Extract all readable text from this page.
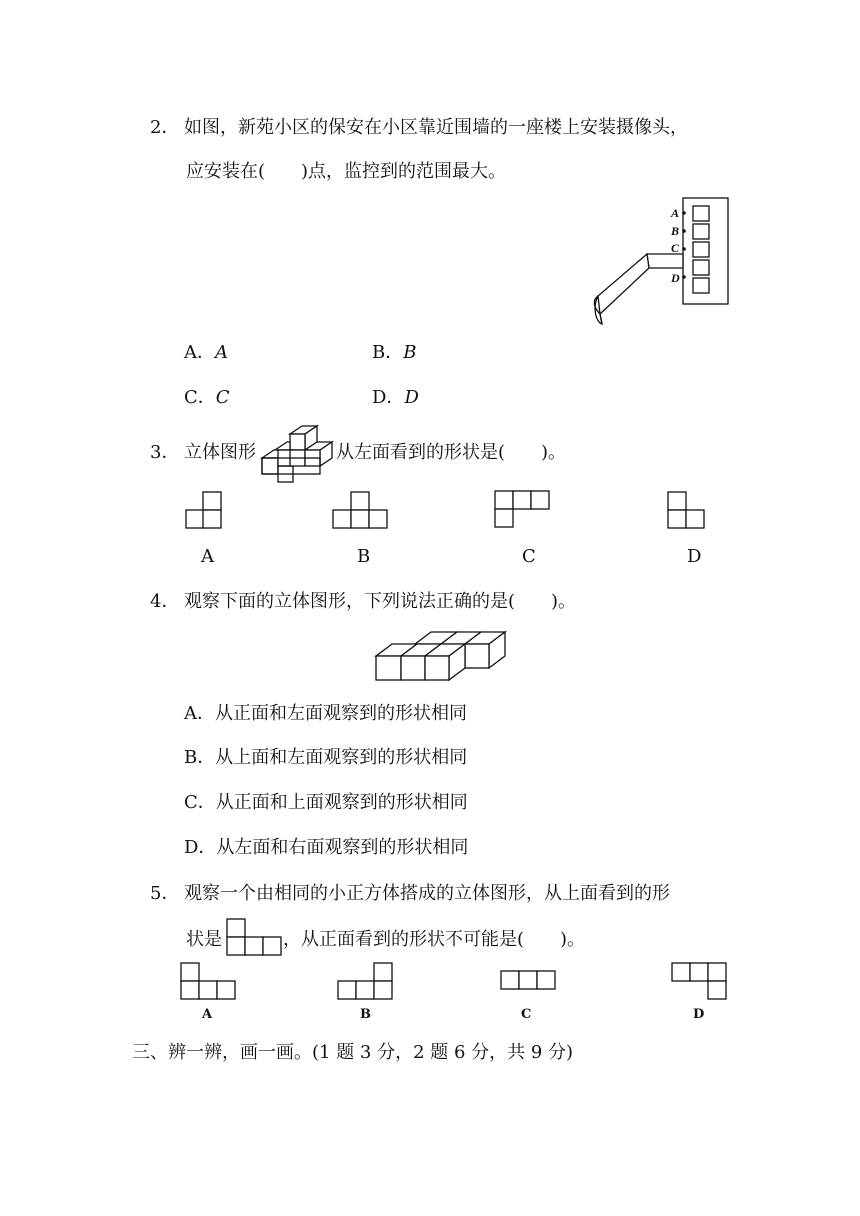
2． 如图，新苑小区的保安在小区靠近围墙的一座楼上安装摄像头，
应安装在(　　)点，监控到的范围最大。
A
B
C
D
A．A	B．B
C．C	D．D
3． 立体图形	从左面看到的形状是(　　)。
A	B	C	D
4． 观察下面的立体图形，下列说法正确的是(　　)。
A．从正面和左面观察到的形状相同
B．从上面和左面观察到的形状相同
C．从正面和上面观察到的形状相同
D．从左面和右面观察到的形状相同
5． 观察一个由相同的小正方体搭成的立体图形，从上面看到的形
状是	，从正面看到的形状不可能是(　　)。
A	B	C	D
三、辨一辨，画一画。(1 题 3 分，2 题 6 分，共 9 分)
